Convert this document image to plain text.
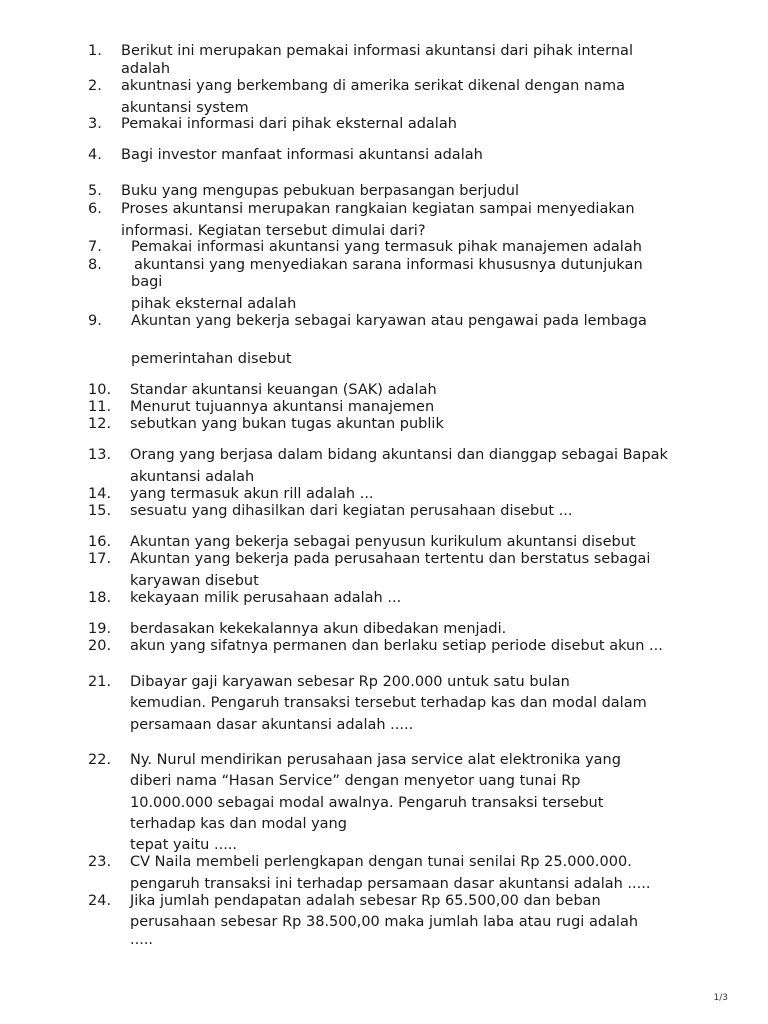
1. Berikut ini merupakan pemakai informasi akuntansi dari pihak internal
adalah
2. akuntnasi yang berkembang di amerika serikat dikenal dengan nama
akuntansi system
3. Pemakai informasi dari pihak eksternal adalah
4. Bagi investor manfaat informasi akuntansi adalah
5. Buku yang mengupas pebukuan berpasangan berjudul
6. Proses akuntansi merupakan rangkaian kegiatan sampai menyediakan
informasi. Kegiatan tersebut dimulai dari?
7. Pemakai informasi akuntansi yang termasuk pihak manajemen adalah
8. akuntansi yang menyediakan sarana informasi khususnya dutunjukan
bagi
pihak eksternal adalah
9. Akuntan yang bekerja sebagai karyawan atau pengawai pada lembaga
pemerintahan disebut
10. Standar akuntansi keuangan (SAK) adalah
11. Menurut tujuannya akuntansi manajemen
12. sebutkan yang bukan tugas akuntan publik
13. Orang yang berjasa dalam bidang akuntansi dan dianggap sebagai Bapak
akuntansi adalah
14. yang termasuk akun rill adalah ...
15. sesuatu yang dihasilkan dari kegiatan perusahaan disebut ...
16. Akuntan yang bekerja sebagai penyusun kurikulum akuntansi disebut
17. Akuntan yang bekerja pada perusahaan tertentu dan berstatus sebagai
karyawan disebut
18. kekayaan milik perusahaan adalah ...
19. berdasakan kekekalannya akun dibedakan menjadi.
20. akun yang sifatnya permanen dan berlaku setiap periode disebut akun ...
21. Dibayar gaji karyawan sebesar Rp 200.000 untuk satu bulan
kemudian. Pengaruh transaksi tersebut terhadap kas dan modal dalam
persamaan dasar akuntansi adalah .....
22. Ny. Nurul mendirikan perusahaan jasa service alat elektronika yang
diberi nama “Hasan Service” dengan menyetor uang tunai Rp
10.000.000 sebagai modal awalnya. Pengaruh transaksi tersebut
terhadap kas dan modal yang
tepat yaitu .....
23. CV Naila membeli perlengkapan dengan tunai senilai Rp 25.000.000.
pengaruh transaksi ini terhadap persamaan dasar akuntansi adalah .....
24. Jika jumlah pendapatan adalah sebesar Rp 65.500,00 dan beban
perusahaan sebesar Rp 38.500,00 maka jumlah laba atau rugi adalah
.....
1/3
